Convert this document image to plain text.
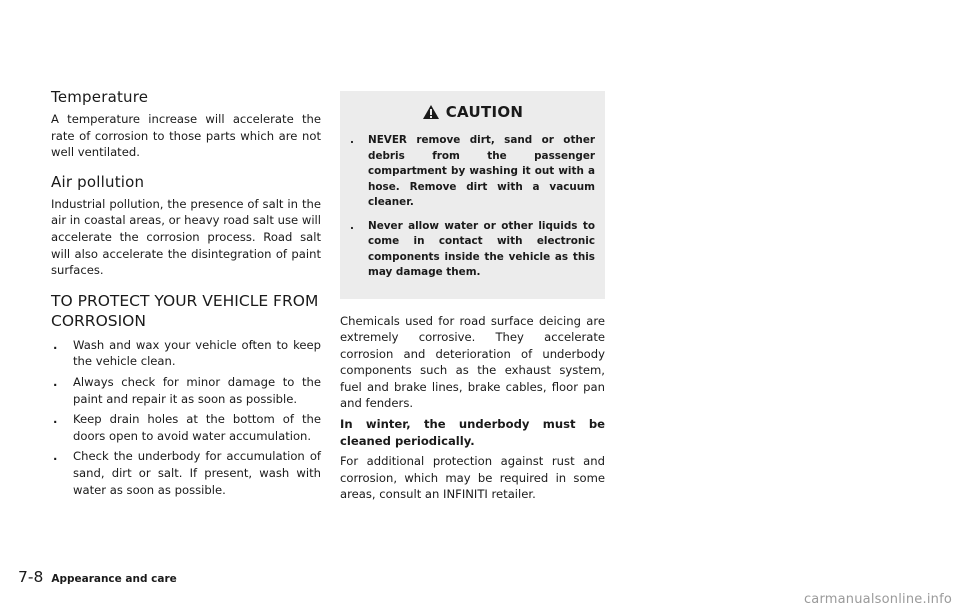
Temperature

A temperature increase will accelerate the rate of corrosion to those parts which are not well ventilated.

Air pollution

Industrial pollution, the presence of salt in the air in coastal areas, or heavy road salt use will accelerate the corrosion process. Road salt will also accelerate the disintegration of paint surfaces.

TO PROTECT YOUR VEHICLE FROM CORROSION
. Wash and wax your vehicle often to keep the vehicle clean.
. Always check for minor damage to the paint and repair it as soon as possible.
. Keep drain holes at the bottom of the doors open to avoid water accumulation.
. Check the underbody for accumulation of sand, dirt or salt. If present, wash with water as soon as possible.
CAUTION
. NEVER remove dirt, sand or other debris from the passenger compartment by washing it out with a hose. Remove dirt with a vacuum cleaner.
. Never allow water or other liquids to come in contact with electronic components inside the vehicle as this may damage them.

Chemicals used for road surface deicing are extremely corrosive. They accelerate corrosion and deterioration of underbody components such as the exhaust system, fuel and brake lines, brake cables, floor pan and fenders.

In winter, the underbody must be cleaned periodically.

For additional protection against rust and corrosion, which may be required in some areas, consult an INFINITI retailer.

7-8 Appearance and care
carmanualsonline.info
